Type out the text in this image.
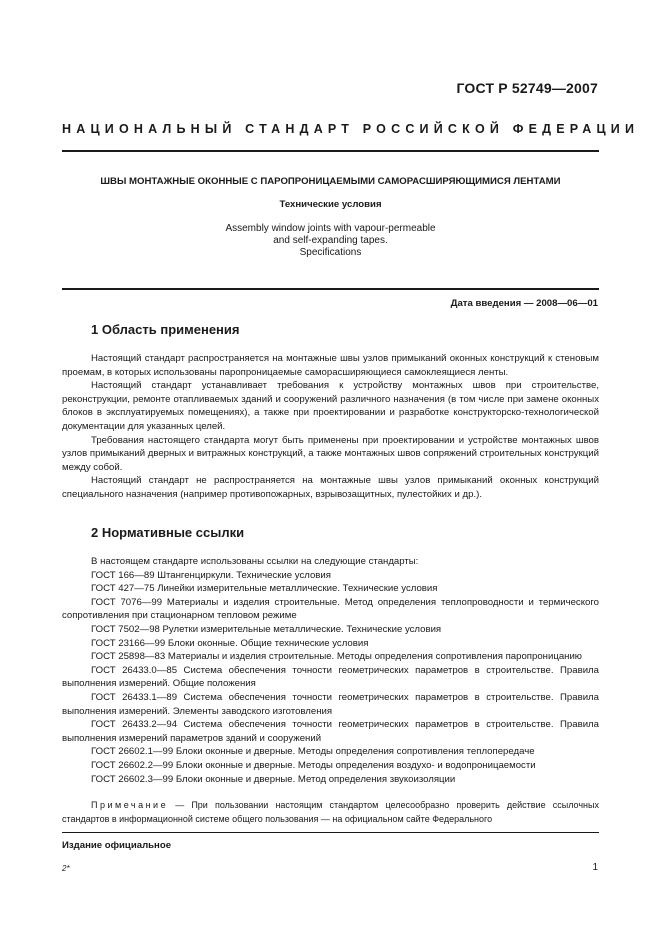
ГОСТ Р 52749—2007
НАЦИОНАЛЬНЫЙ СТАНДАРТ РОССИЙСКОЙ ФЕДЕРАЦИИ
ШВЫ МОНТАЖНЫЕ ОКОННЫЕ С ПАРОПРОНИЦАЕМЫМИ САМОРАСШИРЯЮЩИМИСЯ ЛЕНТАМИ
Технические условия
Assembly window joints with vapour-permeable
and self-expanding tapes.
Specifications
Дата введения — 2008—06—01
1 Область применения

Настоящий стандарт распространяется на монтажные швы узлов примыканий оконных конструкций к стеновым проемам, в которых использованы паропроницаемые саморасширяющиеся самоклеящиеся ленты.

Настоящий стандарт устанавливает требования к устройству монтажных швов при строительстве, реконструкции, ремонте отапливаемых зданий и сооружений различного назначения (в том числе при замене оконных блоков в эксплуатируемых помещениях), а также при проектировании и разработке конструкторско-технологической документации для указанных целей.

Требования настоящего стандарта могут быть применены при проектировании и устройстве монтажных швов узлов примыканий дверных и витражных конструкций, а также монтажных швов сопряжений строительных конструкций между собой.

Настоящий стандарт не распространяется на монтажные швы узлов примыканий оконных конструкций специального назначения (например противопожарных, взрывозащитных, пулестойких и др.).

2 Нормативные ссылки

В настоящем стандарте использованы ссылки на следующие стандарты:

ГОСТ 166—89 Штангенциркули. Технические условия

ГОСТ 427—75 Линейки измерительные металлические. Технические условия

ГОСТ 7076—99 Материалы и изделия строительные. Метод определения теплопроводности и термического сопротивления при стационарном тепловом режиме

ГОСТ 7502—98 Рулетки измерительные металлические. Технические условия

ГОСТ 23166—99 Блоки оконные. Общие технические условия

ГОСТ 25898—83 Материалы и изделия строительные. Методы определения сопротивления паропроницанию

ГОСТ 26433.0—85 Система обеспечения точности геометрических параметров в строительстве. Правила выполнения измерений. Общие положения

ГОСТ 26433.1—89 Система обеспечения точности геометрических параметров в строительстве. Правила выполнения измерений. Элементы заводского изготовления

ГОСТ 26433.2—94 Система обеспечения точности геометрических параметров в строительстве. Правила выполнения измерений параметров зданий и сооружений

ГОСТ 26602.1—99 Блоки оконные и дверные. Методы определения сопротивления теплопередаче

ГОСТ 26602.2—99 Блоки оконные и дверные. Методы определения воздухо- и водопроницаемости

ГОСТ 26602.3—99 Блоки оконные и дверные. Метод определения звукоизоляции

Примечание — При пользовании настоящим стандартом целесообразно проверить действие ссылочных стандартов в информационной системе общего пользования — на официальном сайте Федерального
Издание официальное
2*	1
